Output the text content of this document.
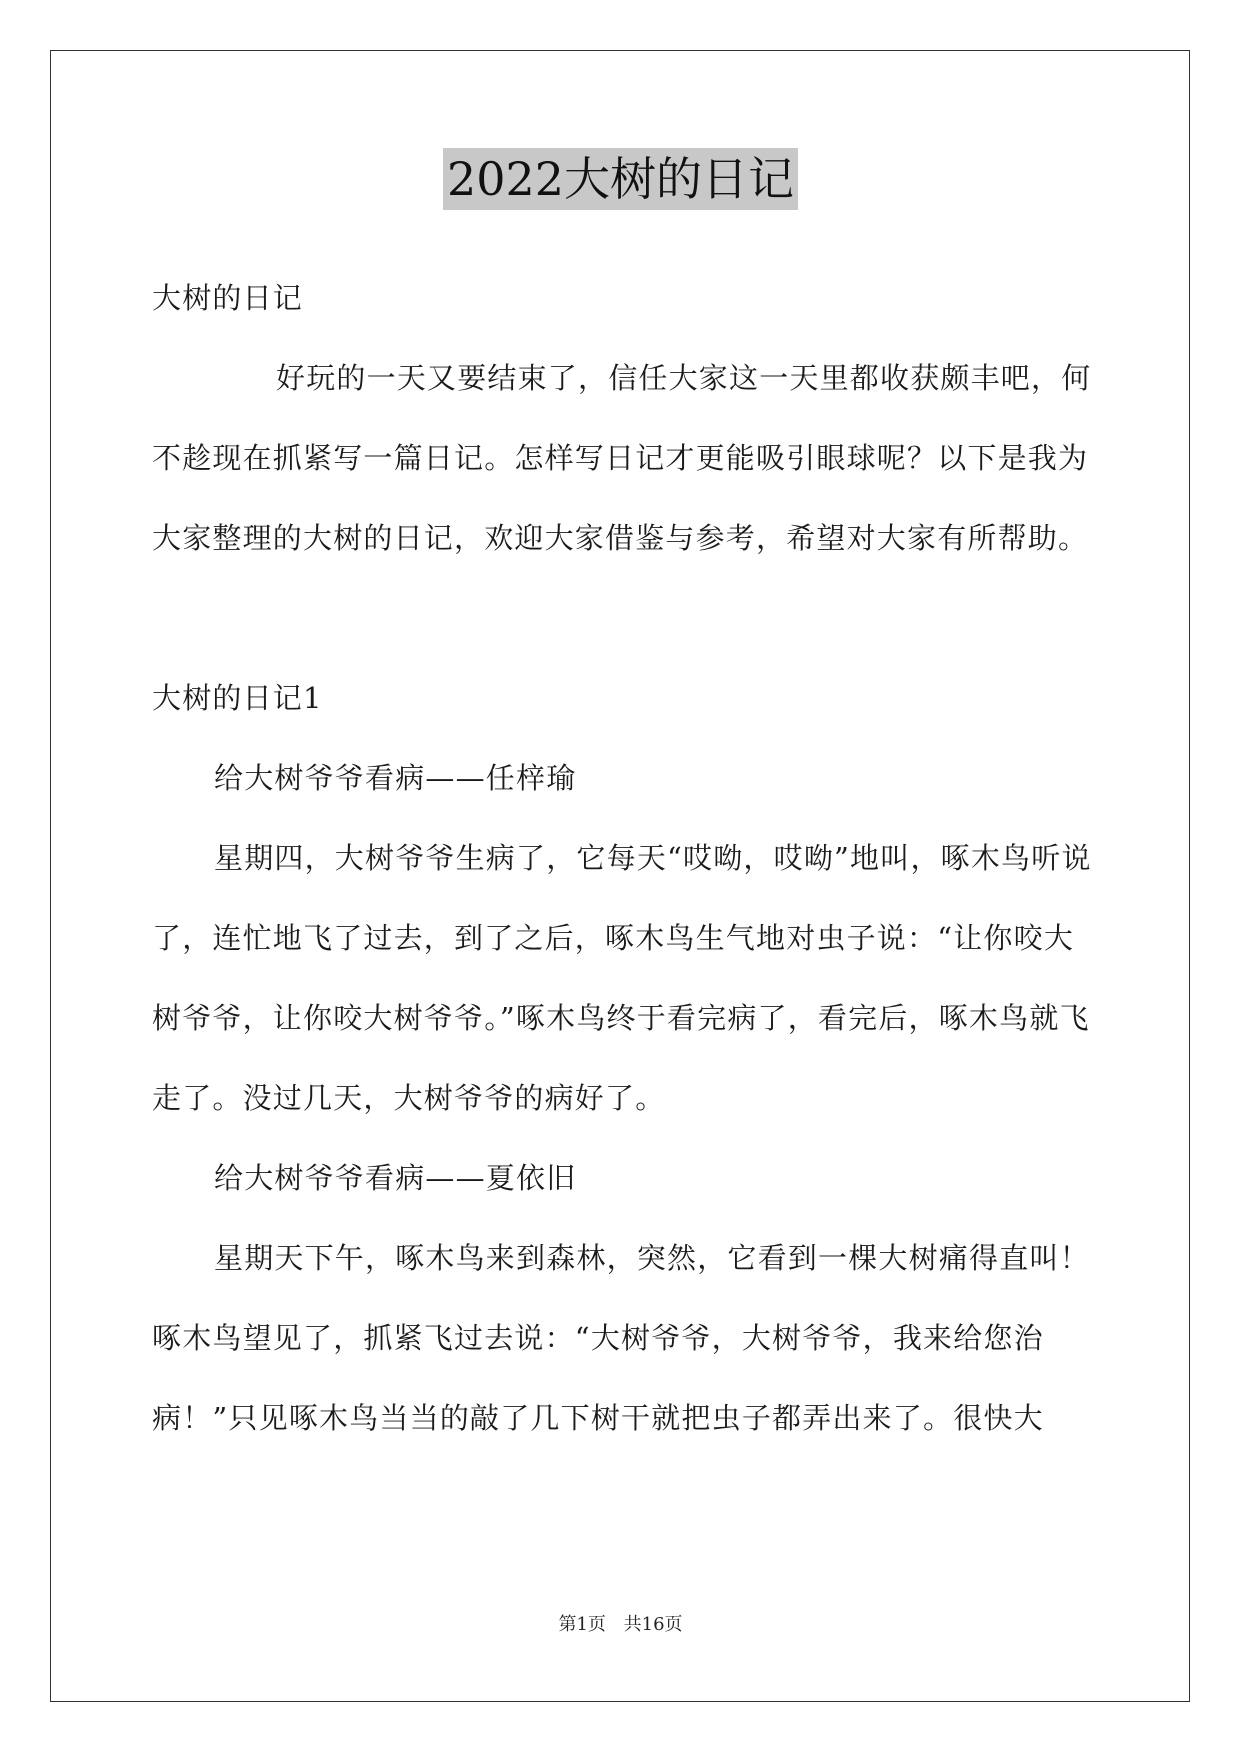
2022大树的日记

大树的日记

好玩的一天又要结束了，信任大家这一天里都收获颇丰吧，何不趁现在抓紧写一篇日记。怎样写日记才更能吸引眼球呢？以下是我为大家整理的大树的日记，欢迎大家借鉴与参考，希望对大家有所帮助。

大树的日记1

给大树爷爷看病——任梓瑜

星期四，大树爷爷生病了，它每天“哎呦，哎呦”地叫，啄木鸟听说了，连忙地飞了过去，到了之后，啄木鸟生气地对虫子说：“让你咬大树爷爷，让你咬大树爷爷。”啄木鸟终于看完病了，看完后，啄木鸟就飞走了。没过几天，大树爷爷的病好了。

给大树爷爷看病——夏依旧

星期天下午，啄木鸟来到森林，突然，它看到一棵大树痛得直叫！啄木鸟望见了，抓紧飞过去说：“大树爷爷，大树爷爷，我来给您治病！”只见啄木鸟当当的敲了几下树干就把虫子都弄出来了。很快大

第1页 共16页
